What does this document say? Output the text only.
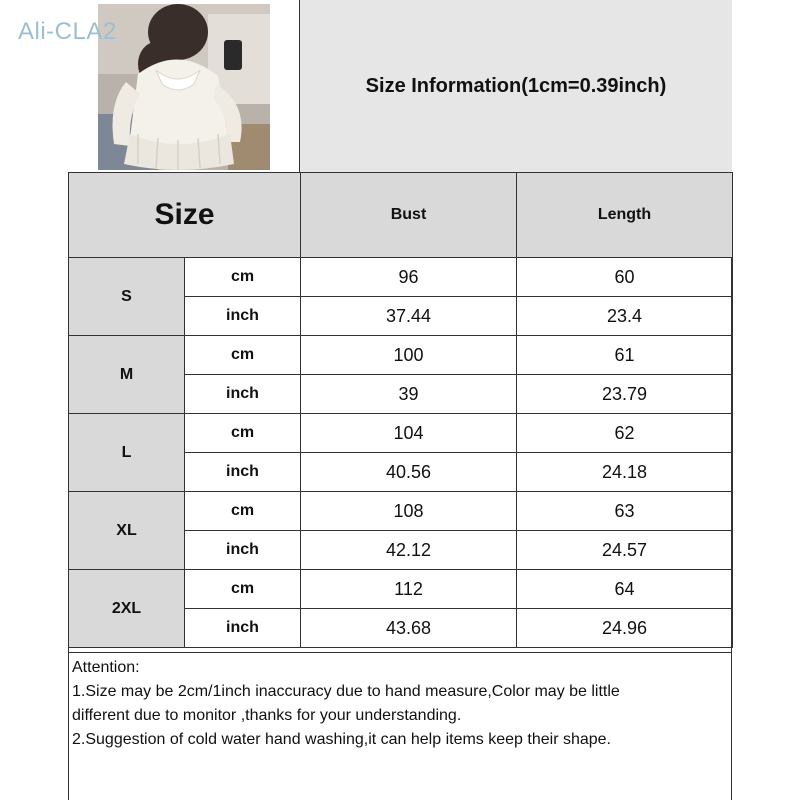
Size Information(1cm=0.39inch)
Ali-CLA2
Size		Bust	Length
S	cm	96	60
	inch	37.44	23.4
M	cm	100	61
	inch	39	23.79
L	cm	104	62
	inch	40.56	24.18
XL	cm	108	63
	inch	42.12	24.57
2XL	cm	112	64
	inch	43.68	24.96
Attention:
1.Size may be 2cm/1inch inaccuracy due to hand measure,Color may be little
different due to monitor ,thanks for your understanding.
2.Suggestion of cold water hand washing,it can help items keep their shape.
